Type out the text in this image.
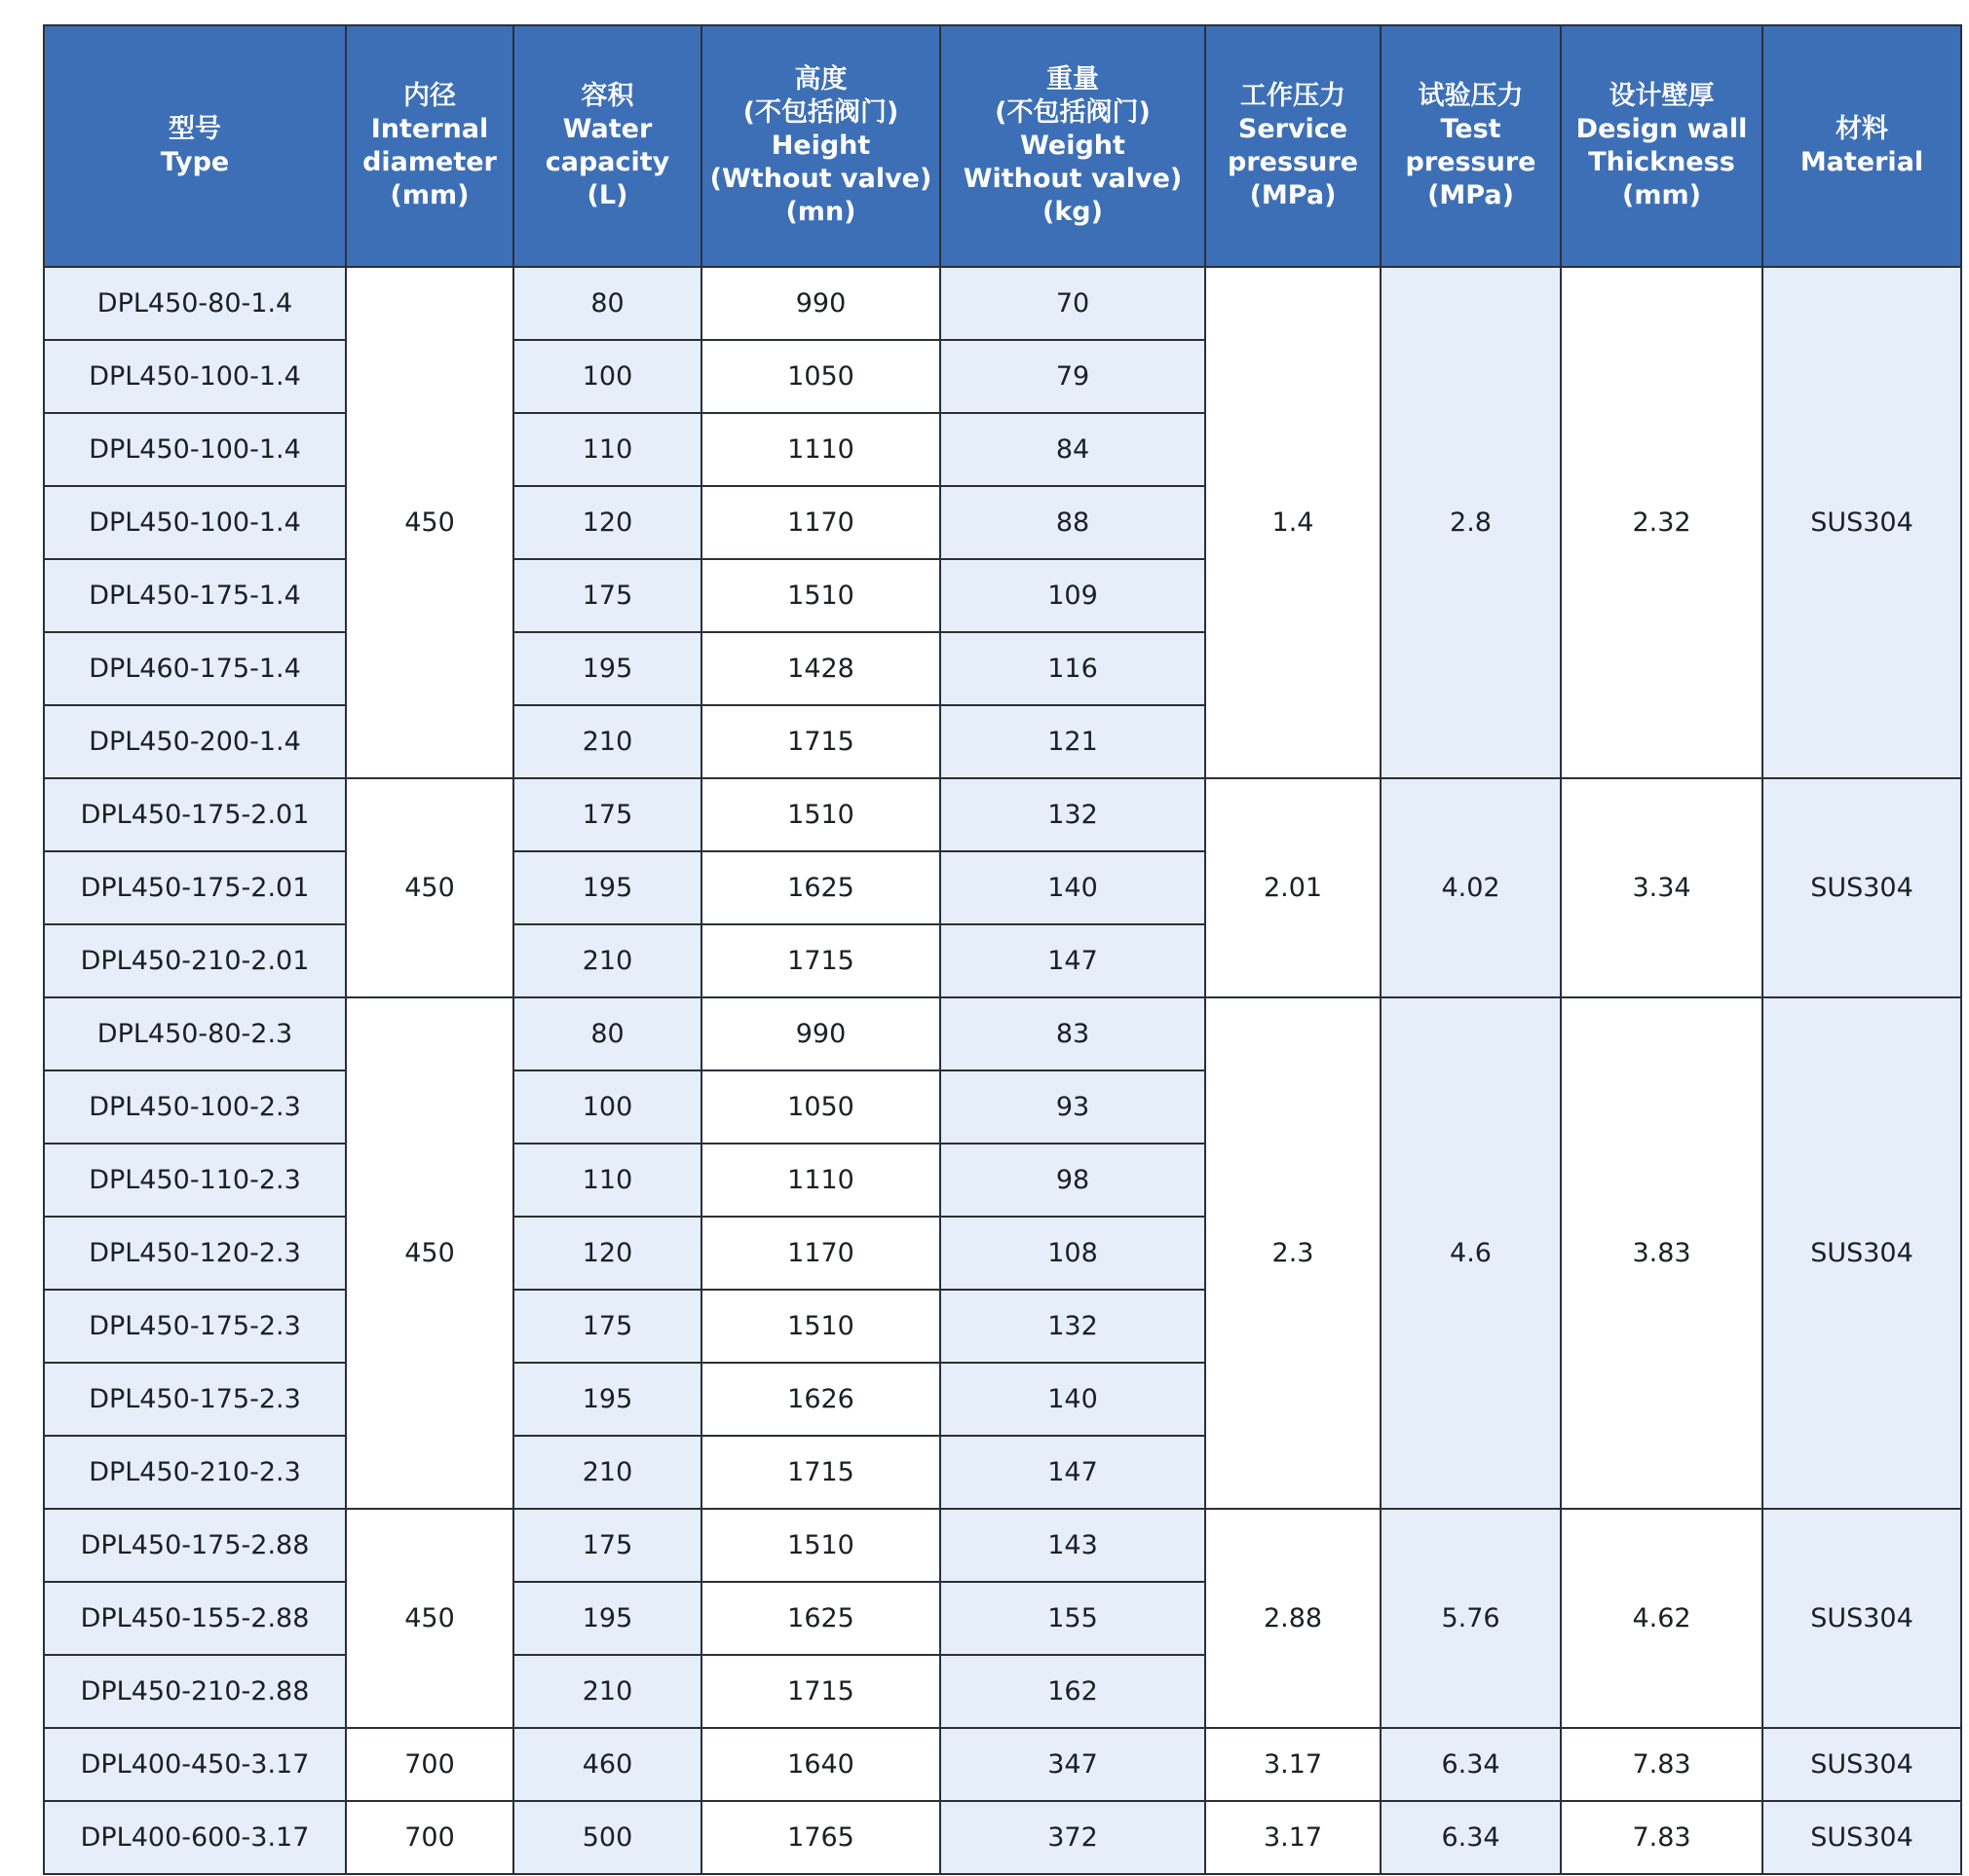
型号
Type	内径
Internal
diameter
(mm)	容积
Water
capacity
(L)	高度
(不包括阀门)
Height
(Wthout valve)
(mn)	重量
(不包括阀门)
Weight
Without valve)
(kg)	工作压力
Service
pressure
(MPa)	试验压力
Test
pressure
(MPa)	设计壁厚
Design wall
Thickness
(mm)	材料
Material

DPL450-80-1.4	450	80	990	70	1.4	2.8	2.32	SUS304
DPL450-100-1.4		100	1050	79				
DPL450-100-1.4		110	1110	84				
DPL450-100-1.4		120	1170	88				
DPL450-175-1.4		175	1510	109				
DPL460-175-1.4		195	1428	116				
DPL450-200-1.4		210	1715	121				
DPL450-175-2.01	450	175	1510	132	2.01	4.02	3.34	SUS304
DPL450-175-2.01		195	1625	140				
DPL450-210-2.01		210	1715	147				
DPL450-80-2.3	450	80	990	83	2.3	4.6	3.83	SUS304
DPL450-100-2.3		100	1050	93				
DPL450-110-2.3		110	1110	98				
DPL450-120-2.3		120	1170	108				
DPL450-175-2.3		175	1510	132				
DPL450-175-2.3		195	1626	140				
DPL450-210-2.3		210	1715	147				
DPL450-175-2.88	450	175	1510	143	2.88	5.76	4.62	SUS304
DPL450-155-2.88		195	1625	155				
DPL450-210-2.88		210	1715	162				
DPL400-450-3.17	700	460	1640	347	3.17	6.34	7.83	SUS304
DPL400-600-3.17	700	500	1765	372	3.17	6.34	7.83	SUS304
